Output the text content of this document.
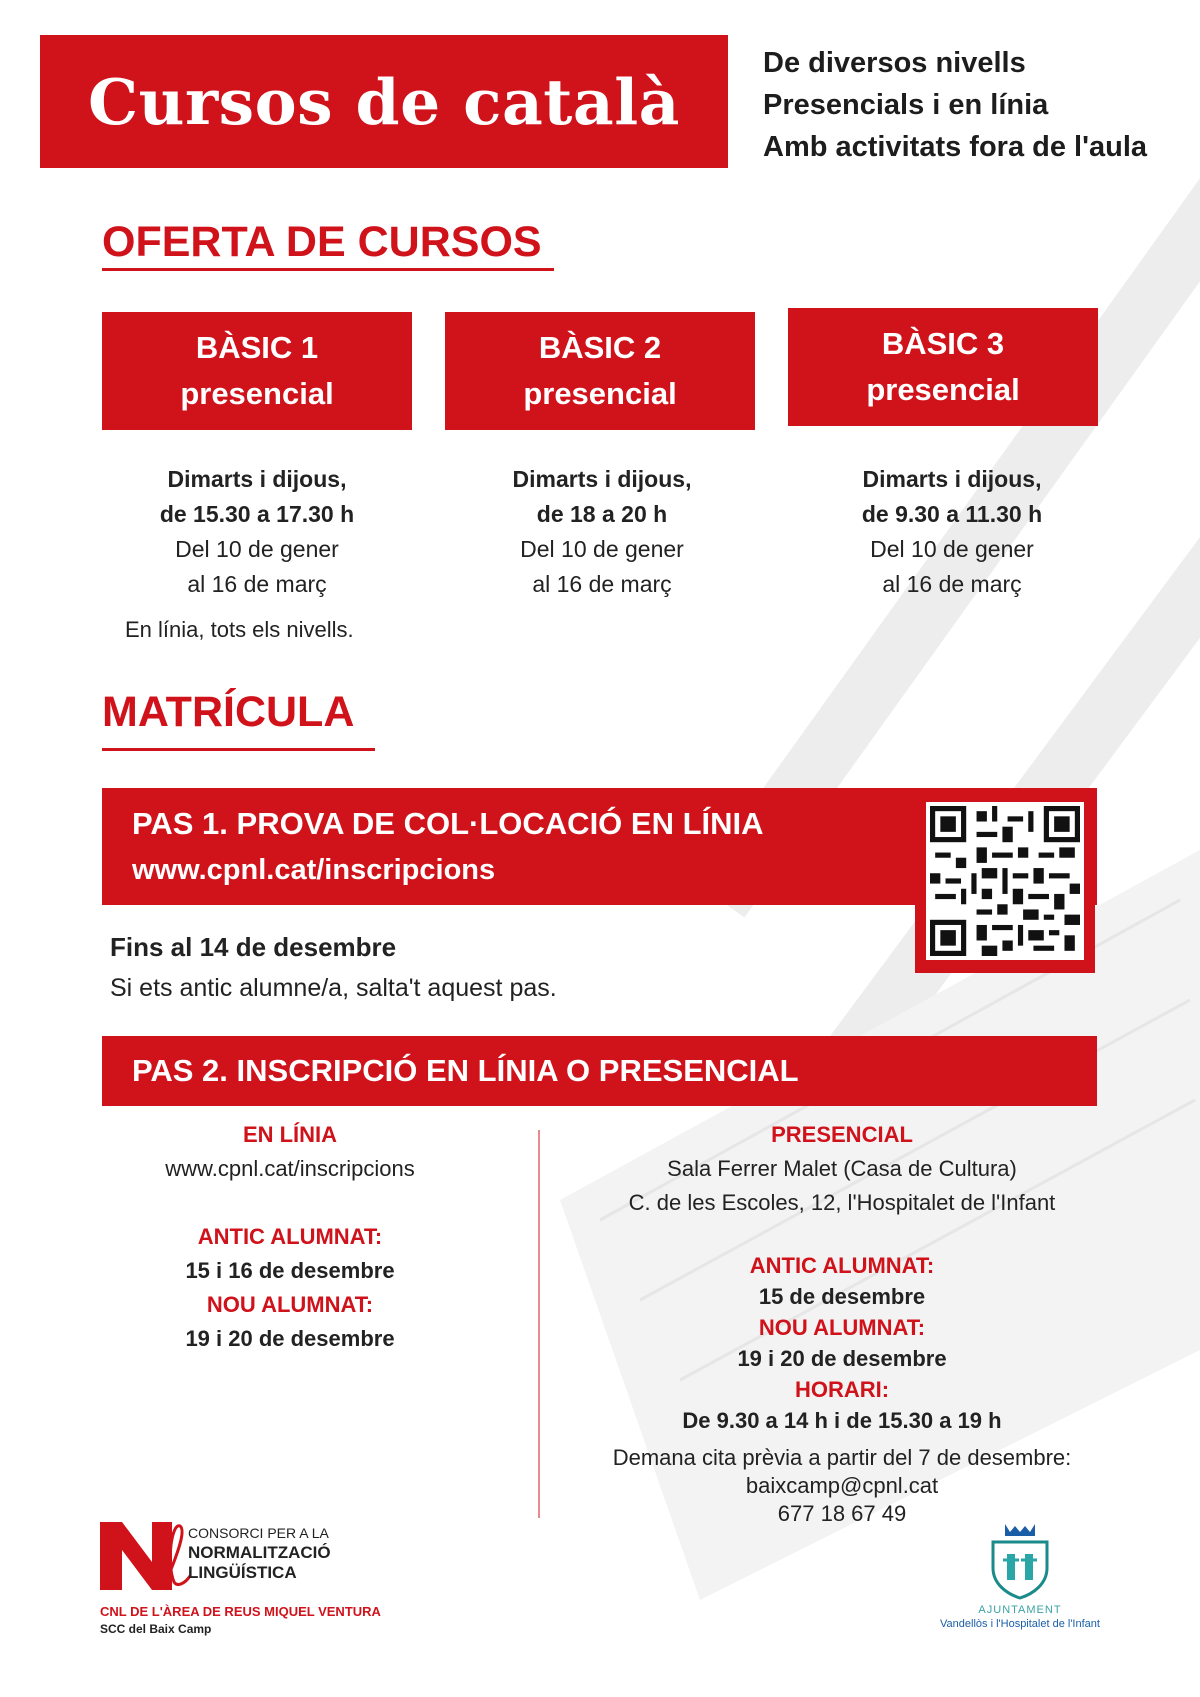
Cursos de català
De diversos nivells
Presencials i en línia
Amb activitats fora de l'aula
OFERTA DE CURSOS
BÀSIC 1
presencial
BÀSIC 2
presencial
BÀSIC 3
presencial
Dimarts i dijous,
de 15.30 a 17.30 h
Del 10 de gener
al 16 de març
Dimarts i dijous,
de 18 a 20 h
Del 10 de gener
al 16 de març
Dimarts i dijous,
de 9.30 a 11.30 h
Del 10 de gener
al 16 de març
En línia, tots els nivells.
MATRÍCULA
PAS 1. PROVA DE COL·LOCACIÓ EN LÍNIA
www.cpnl.cat/inscripcions
Fins al 14 de desembre
Si ets antic alumne/a, salta't aquest pas.
PAS 2. INSCRIPCIÓ EN LÍNIA O PRESENCIAL
EN LÍNIA
www.cpnl.cat/inscripcions
ANTIC ALUMNAT:
15 i 16 de desembre
NOU ALUMNAT:
19 i 20 de desembre
PRESENCIAL
Sala Ferrer Malet (Casa de Cultura)
C. de les Escoles, 12, l'Hospitalet de l'Infant
ANTIC ALUMNAT:
15 de desembre
NOU ALUMNAT:
19 i 20 de desembre
HORARI:
De 9.30 a 14 h i de 15.30 a 19 h
Demana cita prèvia a partir del 7 de desembre:
baixcamp@cpnl.cat
677 18 67 49
CONSORCI PER A LA
NORMALITZACIÓ
LINGÜÍSTICA
CNL DE L'ÀREA DE REUS MIQUEL VENTURA
SCC del Baix Camp
AJUNTAMENT
Vandellòs i l'Hospitalet de l'Infant
